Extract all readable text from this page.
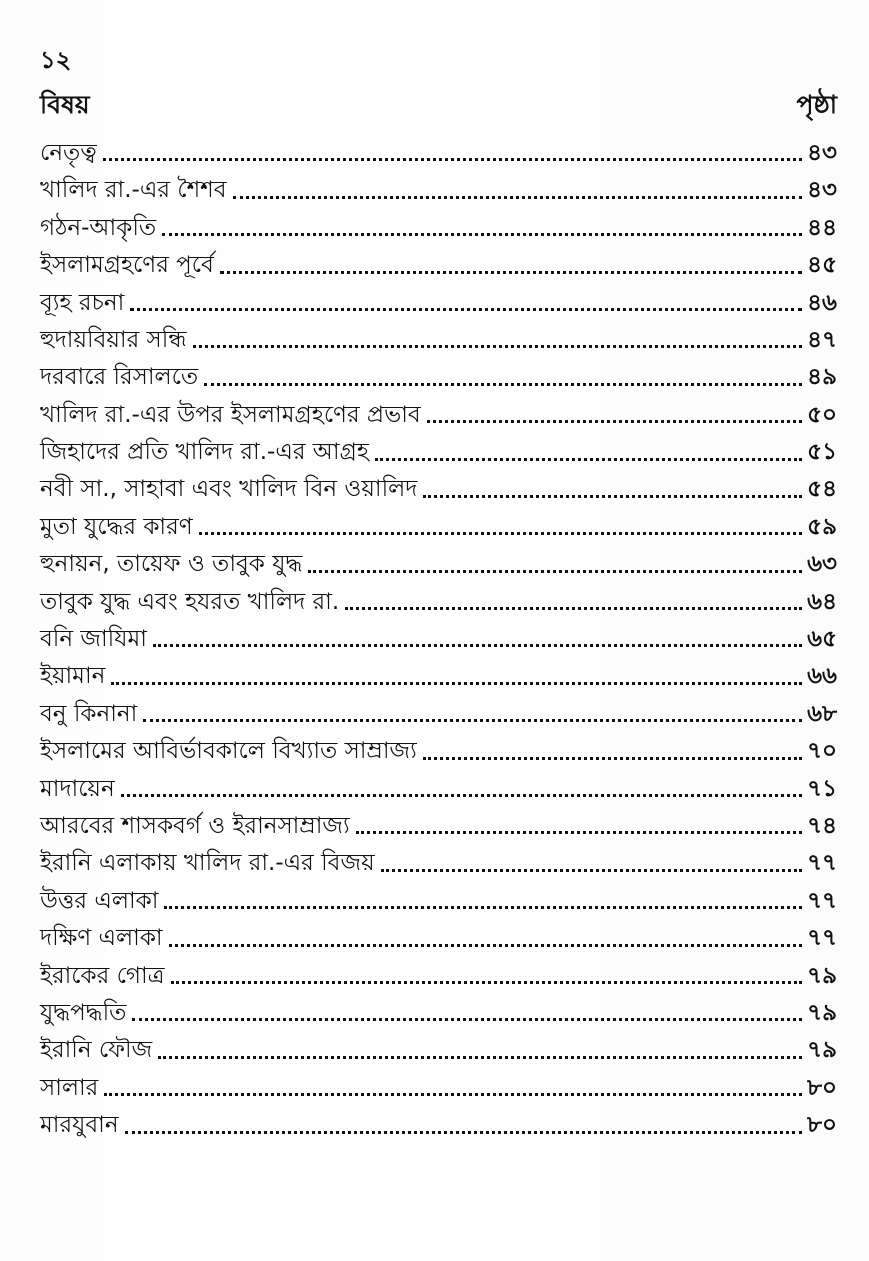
১২
বিষয়	পৃষ্ঠা
নেতৃত্ব	৪৩
খালিদ রা.-এর শৈশব	৪৩
গঠন-আকৃতি	৪৪
ইসলামগ্রহণের পূর্বে	৪৫
ব্যূহ রচনা	৪৬
হুদায়বিয়ার সন্ধি	৪৭
দরবারে রিসালতে	৪৯
খালিদ রা.-এর উপর ইসলামগ্রহণের প্রভাব	৫০
জিহাদের প্রতি খালিদ রা.-এর আগ্রহ	৫১
নবী সা., সাহাবা এবং খালিদ বিন ওয়ালিদ	৫৪
মুতা যুদ্ধের কারণ	৫৯
হুনায়ন, তায়েফ ও তাবুক যুদ্ধ	৬৩
তাবুক যুদ্ধ এবং হযরত খালিদ রা.	৬৪
বনি জাযিমা	৬৫
ইয়ামান	৬৬
বনু কিনানা	৬৮
ইসলামের আবির্ভাবকালে বিখ্যাত সাম্রাজ্য	৭০
মাদায়েন	৭১
আরবের শাসকবর্গ ও ইরানসাম্রাজ্য	৭৪
ইরানি এলাকায় খালিদ রা.-এর বিজয়	৭৭
উত্তর এলাকা	৭৭
দক্ষিণ এলাকা	৭৭
ইরাকের গোত্র	৭৯
যুদ্ধপদ্ধতি	৭৯
ইরানি ফৌজ	৭৯
সালার	৮০
মারযুবান	৮০
